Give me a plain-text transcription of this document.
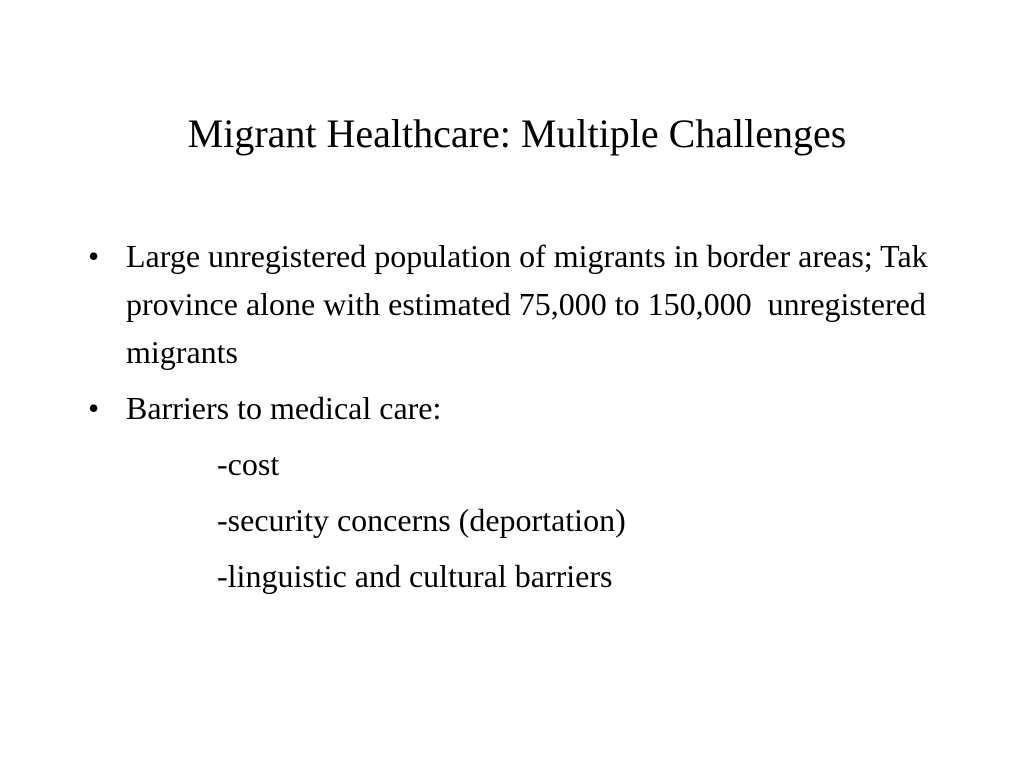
Migrant Healthcare: Multiple Challenges
• Large unregistered population of migrants in border areas; Tak province alone with estimated 75,000 to 150,000  unregistered migrants
• Barriers to medical care:
-cost
-security concerns (deportation)
-linguistic and cultural barriers
